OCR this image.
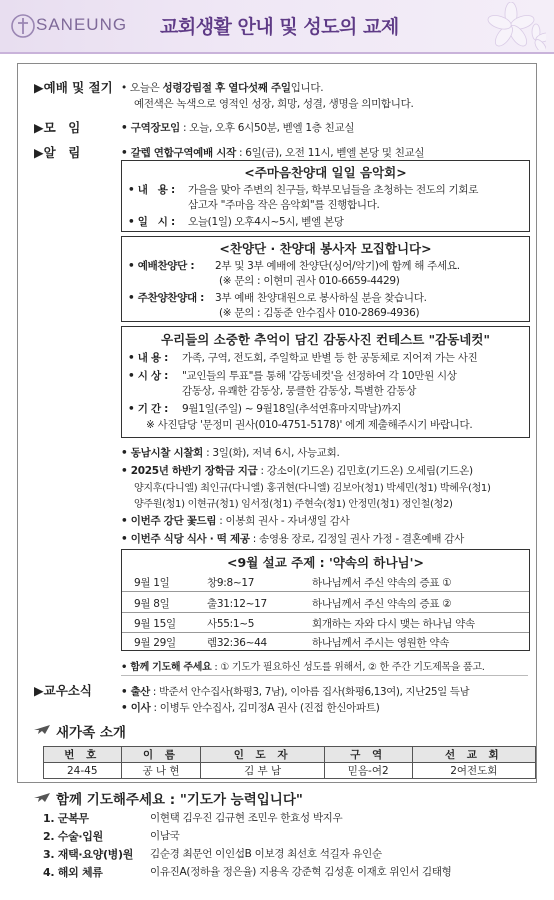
SANEUNG 교회생활 안내 및 성도의 교제
▶예배 및 절기 • 오늘은 성령강림절 후 열다섯째 주일입니다.
예전색은 녹색으로 영적인 성장, 희망, 성결, 생명을 의미합니다.
▶모　임	• 구역장모임 : 오늘, 오후 6시50분, 벧엘 1층 친교실
▶알　림	• 갈렙 연합구역예배 시작 : 6일(금), 오전 11시, 벧엘 본당 및 친교실
<주마음찬양대 일일 음악회>
• 내　용 : 가을을 맞아 주변의 친구들, 학부모님들을 초청하는 전도의 기회로
삼고자 "주마음 작은 음악회"를 진행합니다.
• 일　시 : 오늘(1일) 오후4시~5시, 벧엘 본당
<찬양단 · 찬양대 봉사자 모집합니다>
• 예배찬양단 : 2부 및 3부 예배에 찬양단(싱어/악기)에 함께 해 주세요.
(※ 문의 : 이현미 권사 010-6659-4429)
• 주찬양찬양대 : 3부 예배 찬양대원으로 봉사하실 분을 찾습니다.
(※ 문의 : 김동준 안수집사 010-2869-4936)
우리들의 소중한 추억이 담긴 감동사진 컨테스트 "감동네컷"
• 내 용 : 가족, 구역, 전도회, 주일학교 반별 등 한 공동체로 지어져 가는 사진
• 시 상 : "교인들의 투표"를 통해 '감동네컷'을 선정하여 각 10만원 시상
감동상, 유쾌한 감동상, 뭉클한 감동상, 특별한 감동상
• 기 간 : 9월1일(주일) ~ 9월18일(추석연휴마지막날)까지
※ 사진담당 '문정미 권사(010-4751-5178)' 에게 제출해주시기 바랍니다.
• 동남시찰 시찰회 : 3일(화), 저녁 6시, 사능교회.
• 2025년 하반기 장학금 지급 : 강소이(기드온) 김민호(기드온) 오세림(기드온)
양지후(다니엘) 최인규(다니엘) 홍귀현(다니엘) 김보아(청1) 박세민(청1) 박혜우(청1)
양주원(청1) 이현규(청1) 임서정(청1) 주현숙(청1) 안정민(청1) 정인철(청2)
• 이번주 강단 꽃드림 : 이봉희 권사 - 자녀생일 감사
• 이번주 식당 식사 · 떡 제공 : 송영용 장로, 김정일 권사 가정 - 결혼예배 감사
<9월 설교 주제 : '약속의 하나님'>
9월 1일	창9:8~17	하나님께서 주신 약속의 증표 ①
9월 8일	출31:12~17	하나님께서 주신 약속의 증표 ②
9월 15일	사55:1~5	회개하는 자와 다시 맺는 하나님 약속
9월 29일	렘32:36~44	하나님께서 주시는 영원한 약속
• 함께 기도해 주세요 : ① 기도가 필요하신 성도를 위해서, ② 한 주간 기도제목을 품고.
▶교우소식	• 출산 : 박준서 안수집사(화평3, 7남), 이아름 집사(화평6,13여), 지난25일 득남
• 이사 : 이병두 안수집사, 김미정A 권사 (진접 한신아파트)
새가족 소개
번 호	이 름	인 도 자	구 역	선 교 회
24-45	공 나 현	김 부 남	믿음-여2	2여전도회
함께 기도해주세요 : "기도가 능력입니다"
1. 군복무	이현택 김우진 김규현 조민우 한효성 박지우
2. 수술·입원	이남국
3. 재택·요양(병)원 김순경 최문언 이인섭B 이보경 최선호 석길자 유인순
4. 해외 체류	이유진A(정하율 정은율) 지용옥 강준혁 김성훈 이재호 위인서 김태형
